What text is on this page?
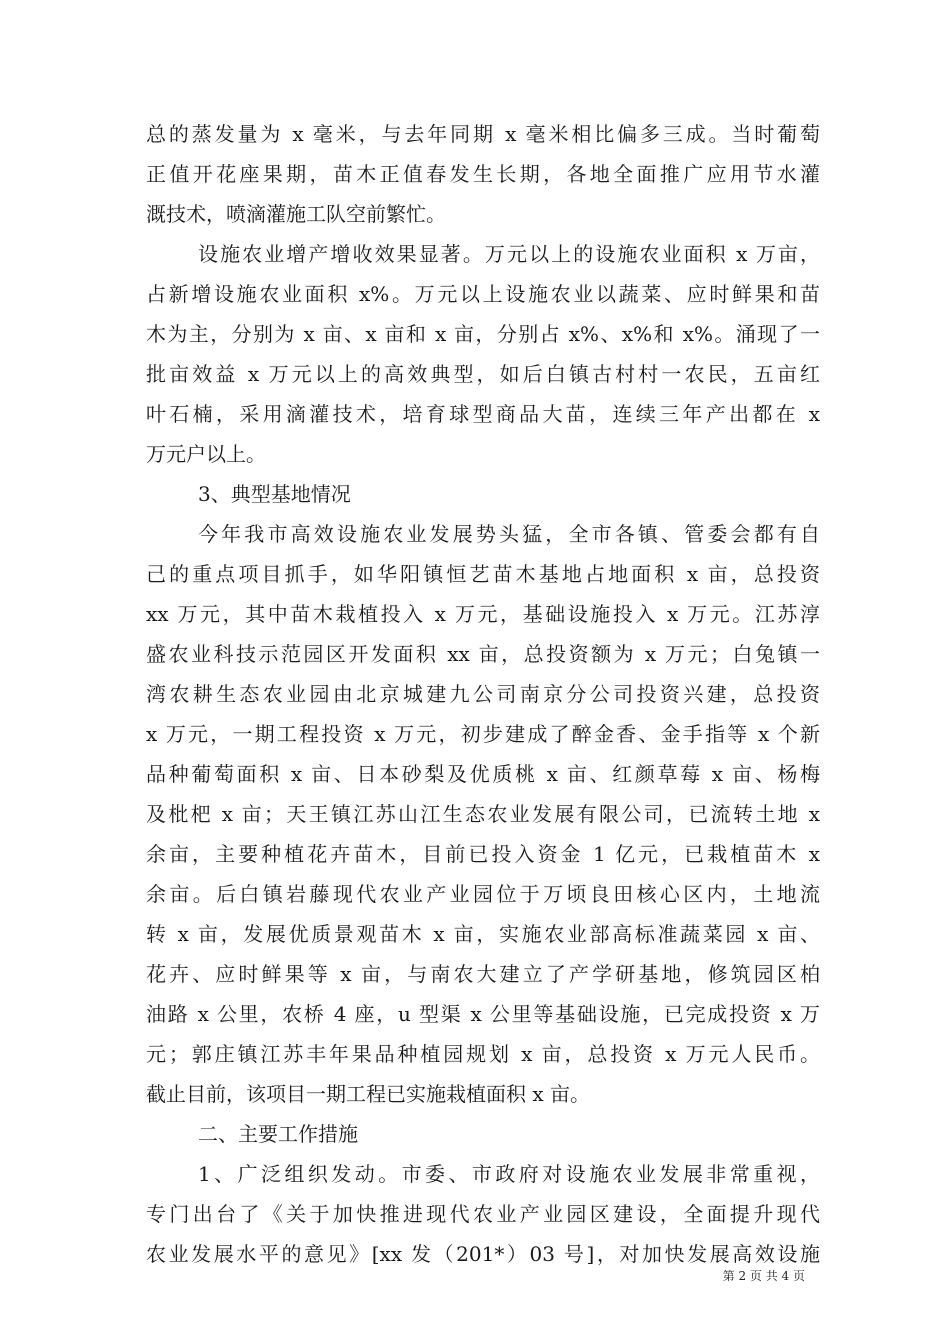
总的蒸发量为 x 毫米，与去年同期 x 毫米相比偏多三成。当时葡萄
正值开花座果期，苗木正值春发生长期，各地全面推广应用节水灌
溉技术，喷滴灌施工队空前繁忙。
设施农业增产增收效果显著。万元以上的设施农业面积 x 万亩，
占新增设施农业面积 x%。万元以上设施农业以蔬菜、应时鲜果和苗
木为主，分别为 x 亩、x 亩和 x 亩，分别占 x%、x%和 x%。涌现了一
批亩效益 x 万元以上的高效典型，如后白镇古村村一农民，五亩红
叶石楠，采用滴灌技术，培育球型商品大苗，连续三年产出都在 x
万元户以上。
3、典型基地情况
今年我市高效设施农业发展势头猛，全市各镇、管委会都有自
己的重点项目抓手，如华阳镇恒艺苗木基地占地面积 x 亩，总投资
xx 万元，其中苗木栽植投入 x 万元，基础设施投入 x 万元。江苏淳
盛农业科技示范园区开发面积 xx 亩，总投资额为 x 万元；白兔镇一
湾农耕生态农业园由北京城建九公司南京分公司投资兴建，总投资
x 万元，一期工程投资 x 万元，初步建成了醉金香、金手指等 x 个新
品种葡萄面积 x 亩、日本砂梨及优质桃 x 亩、红颜草莓 x 亩、杨梅
及枇杷 x 亩；天王镇江苏山江生态农业发展有限公司，已流转土地 x
余亩，主要种植花卉苗木，目前已投入资金 1 亿元，已栽植苗木 x
余亩。后白镇岩藤现代农业产业园位于万顷良田核心区内，土地流
转 x 亩，发展优质景观苗木 x 亩，实施农业部高标准蔬菜园 x 亩、
花卉、应时鲜果等 x 亩，与南农大建立了产学研基地，修筑园区柏
油路 x 公里，农桥 4 座，u 型渠 x 公里等基础设施，已完成投资 x 万
元；郭庄镇江苏丰年果品种植园规划 x 亩，总投资 x 万元人民币。
截止目前，该项目一期工程已实施栽植面积 x 亩。
二、主要工作措施
1、广泛组织发动。市委、市政府对设施农业发展非常重视，
专门出台了《关于加快推进现代农业产业园区建设，全面提升现代
农业发展水平的意见》[xx 发（201*）03 号]，对加快发展高效设施
第 2 页 共 4 页
